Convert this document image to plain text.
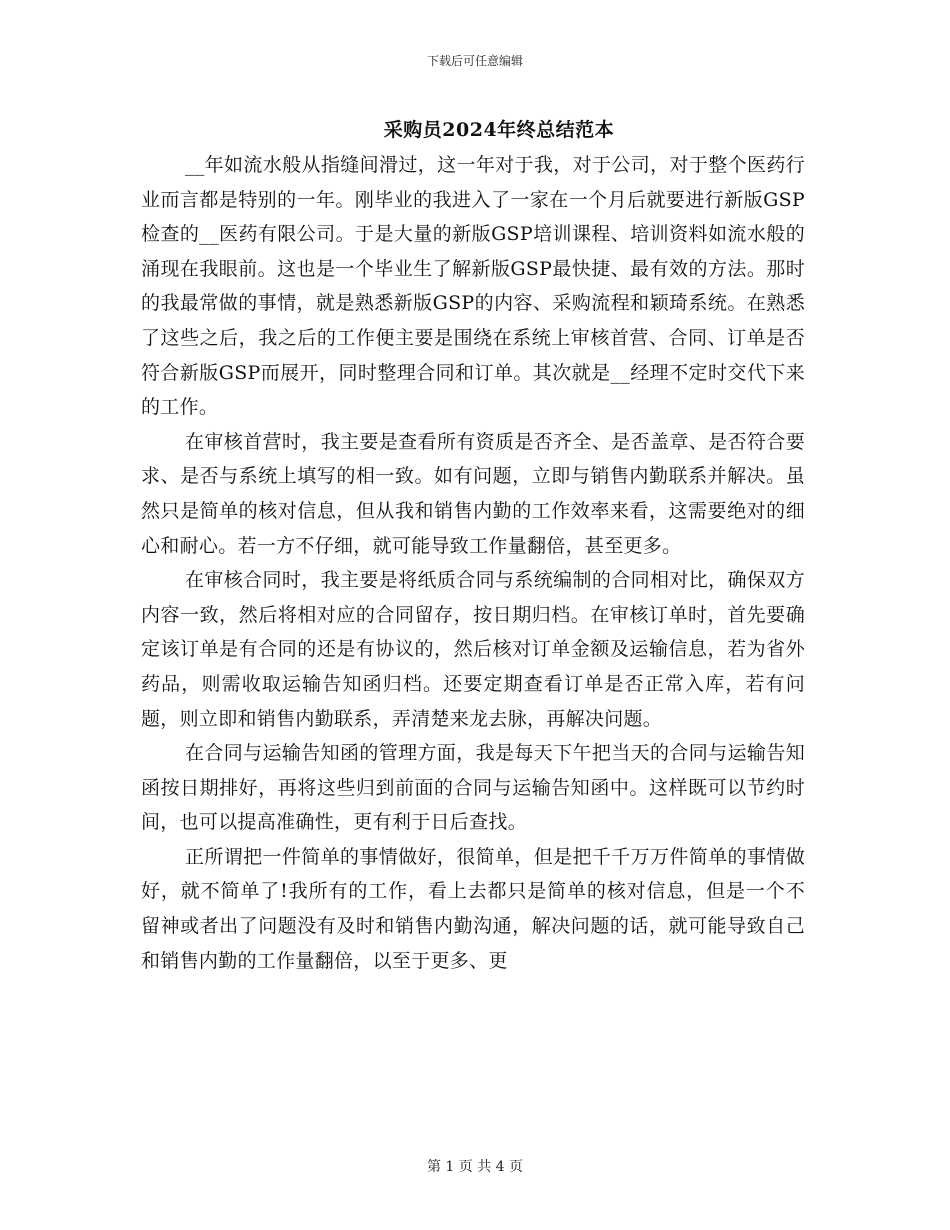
下载后可任意编辑
采购员2024年终总结范本

__年如流水般从指缝间滑过，这一年对于我，对于公司，对于整个医药行业而言都是特别的一年。刚毕业的我进入了一家在一个月后就要进行新版GSP检查的__医药有限公司。于是大量的新版GSP培训课程、培训资料如流水般的涌现在我眼前。这也是一个毕业生了解新版GSP最快捷、最有效的方法。那时的我最常做的事情，就是熟悉新版GSP的内容、采购流程和颖琦系统。在熟悉了这些之后，我之后的工作便主要是围绕在系统上审核首营、合同、订单是否符合新版GSP而展开，同时整理合同和订单。其次就是__经理不定时交代下来的工作。

在审核首营时，我主要是查看所有资质是否齐全、是否盖章、是否符合要求、是否与系统上填写的相一致。如有问题，立即与销售内勤联系并解决。虽然只是简单的核对信息，但从我和销售内勤的工作效率来看，这需要绝对的细心和耐心。若一方不仔细，就可能导致工作量翻倍，甚至更多。

在审核合同时，我主要是将纸质合同与系统编制的合同相对比，确保双方内容一致，然后将相对应的合同留存，按日期归档。在审核订单时，首先要确定该订单是有合同的还是有协议的，然后核对订单金额及运输信息，若为省外药品，则需收取运输告知函归档。还要定期查看订单是否正常入库，若有问题，则立即和销售内勤联系，弄清楚来龙去脉，再解决问题。

在合同与运输告知函的管理方面，我是每天下午把当天的合同与运输告知函按日期排好，再将这些归到前面的合同与运输告知函中。这样既可以节约时间，也可以提高准确性，更有利于日后查找。

正所谓把一件简单的事情做好，很简单，但是把千千万万件简单的事情做好，就不简单了!我所有的工作，看上去都只是简单的核对信息，但是一个不留神或者出了问题没有及时和销售内勤沟通，解决问题的话，就可能导致自己和销售内勤的工作量翻倍，以至于更多、更

第 1 页 共 4 页
